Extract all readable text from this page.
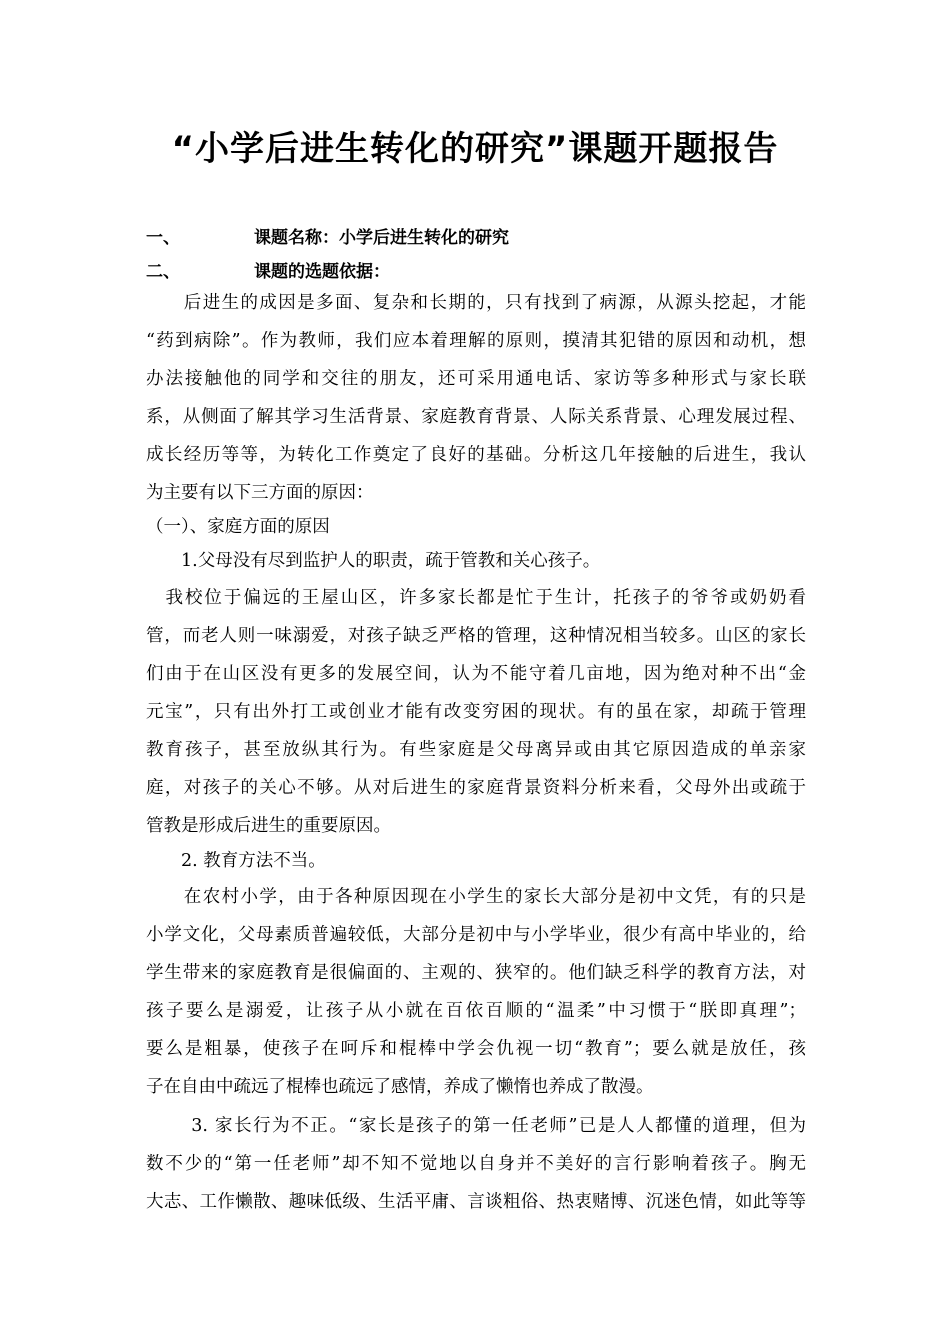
“小学后进生转化的研究”课题开题报告
一、	课题名称：小学后进生转化的研究
二、	课题的选题依据：
　　后进生的成因是多面、复杂和长期的，只有找到了病源，从源头挖起，才能
“药到病除”。作为教师，我们应本着理解的原则，摸清其犯错的原因和动机，想
办法接触他的同学和交往的朋友，还可采用通电话、家访等多种形式与家长联
系，从侧面了解其学习生活背景、家庭教育背景、人际关系背景、心理发展过程、
成长经历等等，为转化工作奠定了良好的基础。分析这几年接触的后进生，我认
为主要有以下三方面的原因：
（一）、家庭方面的原因
　　1.父母没有尽到监护人的职责，疏于管教和关心孩子。
　我校位于偏远的王屋山区，许多家长都是忙于生计，托孩子的爷爷或奶奶看
管，而老人则一味溺爱，对孩子缺乏严格的管理，这种情况相当较多。山区的家长
们由于在山区没有更多的发展空间，认为不能守着几亩地，因为绝对种不出“金
元宝”，只有出外打工或创业才能有改变穷困的现状。有的虽在家，却疏于管理
教育孩子，甚至放纵其行为。有些家庭是父母离异或由其它原因造成的单亲家
庭，对孩子的关心不够。从对后进生的家庭背景资料分析来看，父母外出或疏于
管教是形成后进生的重要原因。
　　2. 教育方法不当。
　　在农村小学，由于各种原因现在小学生的家长大部分是初中文凭，有的只是
小学文化，父母素质普遍较低，大部分是初中与小学毕业，很少有高中毕业的，给
学生带来的家庭教育是很偏面的、主观的、狭窄的。他们缺乏科学的教育方法，对
孩子要么是溺爱，让孩子从小就在百依百顺的“温柔”中习惯于“朕即真理”；
要么是粗暴，使孩子在呵斥和棍棒中学会仇视一切“教育”；要么就是放任，孩
子在自由中疏远了棍棒也疏远了感情，养成了懒惰也养成了散漫。
　　 3. 家长行为不正。“家长是孩子的第一任老师”已是人人都懂的道理，但为
数不少的“第一任老师”却不知不觉地以自身并不美好的言行影响着孩子。胸无
大志、工作懒散、趣味低级、生活平庸、言谈粗俗、热衷赌博、沉迷色情，如此等等
